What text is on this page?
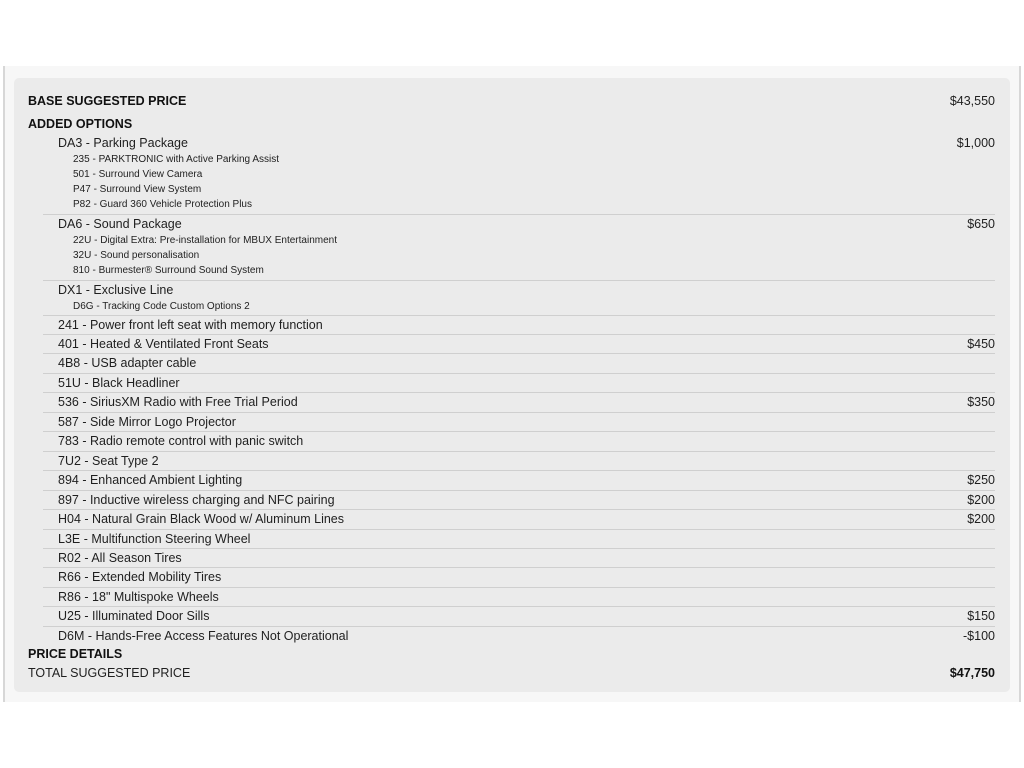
BASE SUGGESTED PRICE	$43,550
ADDED OPTIONS
DA3 - Parking Package	$1,000
235 - PARKTRONIC with Active Parking Assist
501 - Surround View Camera
P47 - Surround View System
P82 - Guard 360 Vehicle Protection Plus
DA6 - Sound Package	$650
22U - Digital Extra: Pre-installation for MBUX Entertainment
32U - Sound personalisation
810 - Burmester® Surround Sound System
DX1 - Exclusive Line
D6G - Tracking Code Custom Options 2
241 - Power front left seat with memory function
401 - Heated & Ventilated Front Seats	$450
4B8 - USB adapter cable
51U - Black Headliner
536 - SiriusXM Radio with Free Trial Period	$350
587 - Side Mirror Logo Projector
783 - Radio remote control with panic switch
7U2 - Seat Type 2
894 - Enhanced Ambient Lighting	$250
897 - Inductive wireless charging and NFC pairing	$200
H04 - Natural Grain Black Wood w/ Aluminum Lines	$200
L3E - Multifunction Steering Wheel
R02 - All Season Tires
R66 - Extended Mobility Tires
R86 - 18" Multispoke Wheels
U25 - Illuminated Door Sills	$150
D6M - Hands-Free Access Features Not Operational	-$100
PRICE DETAILS
TOTAL SUGGESTED PRICE	$47,750
